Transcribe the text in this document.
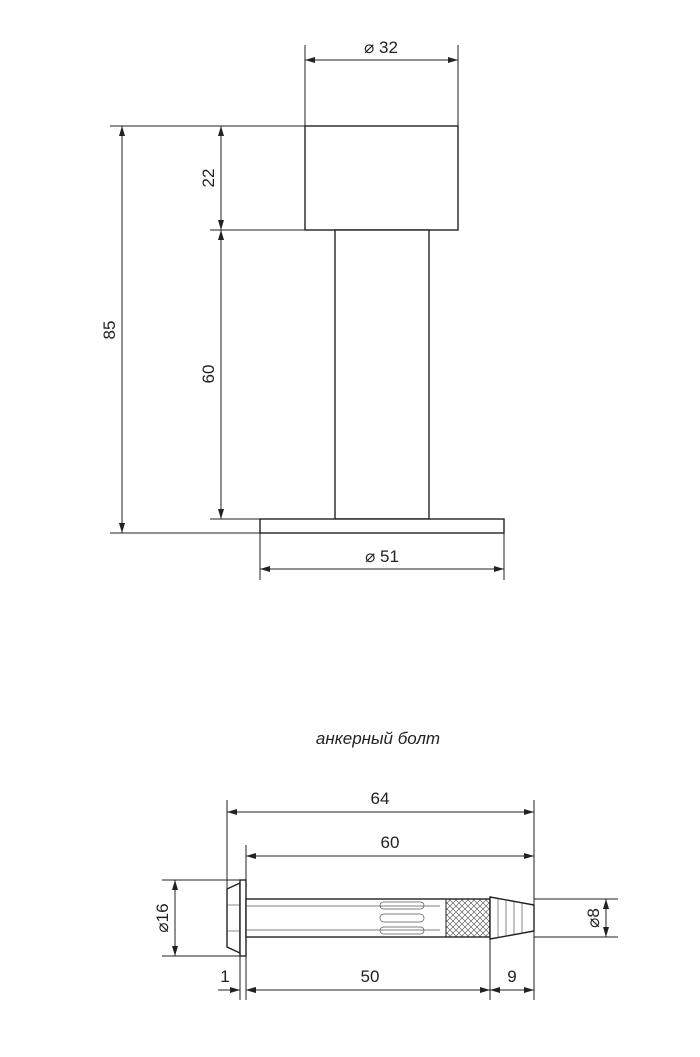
⌀ 32
22
60
85
⌀ 51
анкерный болт
64
60
⌀16
1	50	9
⌀8
